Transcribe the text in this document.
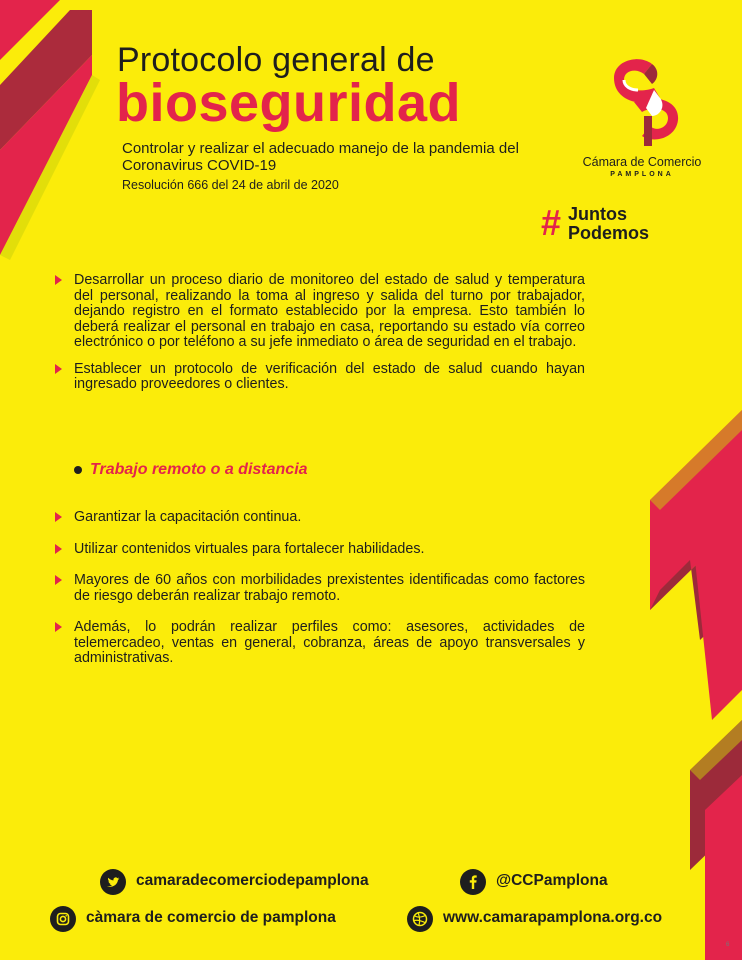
Protocolo general de
bioseguridad
Controlar y realizar el adecuado manejo de la pandemia del Coronavirus COVID-19
Resolución 666 del 24 de abril de 2020
Cámara de Comercio
PAMPLONA
# Juntos
Podemos
Desarrollar un proceso diario de monitoreo del estado de salud y temperatura del personal, realizando la toma al ingreso y salida del turno por trabajador, dejando registro en el formato establecido por la empresa. Esto también lo deberá realizar el personal en trabajo en casa, reportando su estado vía correo electrónico o por teléfono a su jefe inmediato o área de seguridad en el trabajo.
Establecer un protocolo de verificación del estado de salud cuando hayan ingresado proveedores o clientes.
Trabajo remoto o a distancia
Garantizar la capacitación continua.
Utilizar contenidos virtuales para fortalecer habilidades.
Mayores de 60 años con morbilidades prexistentes identificadas como factores de riesgo deberán realizar trabajo remoto.
Además, lo podrán realizar perfiles como: asesores, actividades de telemercadeo, ventas en general, cobranza, áreas de apoyo transversales y administrativas.
camaradecomerciodepamplona	@CCPamplona
càmara de comercio de pamplona	www.camarapamplona.org.co
6
